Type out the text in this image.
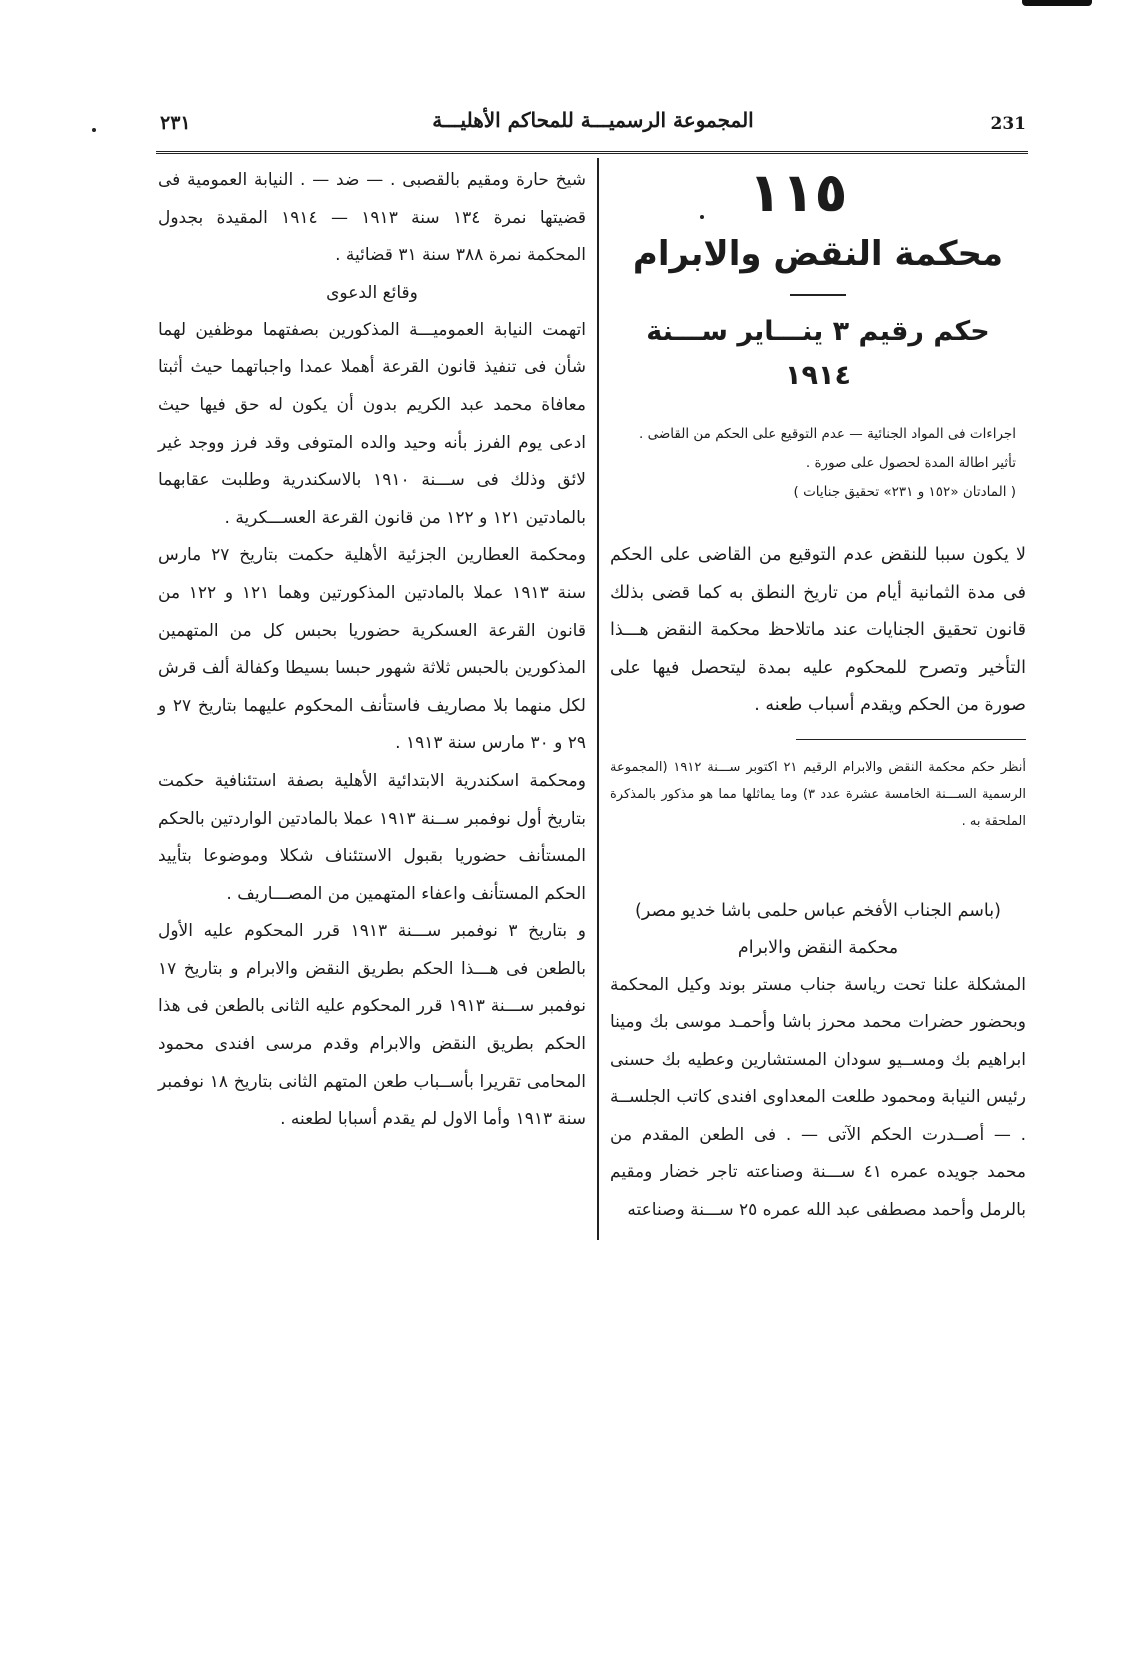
٢٣١	المجموعة الرسميـــة للمحاكم الأهليـــة	231
١١٥
محكمة النقض والابرام
حكم رقيم ٣ ينـــاير ســـنة ١٩١٤

اجراءات فى المواد الجنائية — عدم التوقيع على الحكم من القاضى .

تأثير اطالة المدة لحصول على صورة .

( المادتان «١٥٢ و ٢٣١» تحقيق جنايات )

لا يكون سببا للنقض عدم التوقيع من القاضى على الحكم فى مدة الثمانية أيام من تاريخ النطق به كما قضى بذلك قانون تحقيق الجنايات عند ماتلاحظ محكمة النقض هـــذا التأخير وتصرح للمحكوم عليه بمدة ليتحصل فيها على صورة من الحكم ويقدم أسباب طعنه .

أنظر حكم محكمة النقض والابرام الرقيم ٢١ اكتوبر ســـنة ١٩١٢ (المجموعة الرسمية الســـنة الخامسة عشرة عدد ٣) وما يماثلها مما هو مذكور بالمذكرة الملحقة به .

(باسم الجناب الأفخم عباس حلمى باشا خديو مصر)

محكمة النقض والابرام

المشكلة علنا تحت رياسة جناب مستر بوند وكيل المحكمة وبحضور حضرات محمد محرز باشا وأحمـد موسى بك ومينا ابراهيم بك ومســيو سودان المستشارين وعطيه بك حسنى رئيس النيابة ومحمود طلعت المعداوى افندى كاتب الجلســة . — أصــدرت الحكم الآتى — . فى الطعن المقدم من محمد جويده عمره ٤١ ســـنة وصناعته تاجر خضار ومقيم بالرمل وأحمد مصطفى عبد الله عمره ٢٥ ســـنة وصناعته

شيخ حارة ومقيم بالقصبى . — ضد — . النيابة العمومية فى قضيتها نمرة ١٣٤ سنة ١٩١٣ — ١٩١٤ المقيدة بجدول المحكمة نمرة ٣٨٨ سنة ٣١ قضائية .

وقائع الدعوى

اتهمت النيابة العموميـــة المذكورين بصفتهما موظفين لهما شأن فى تنفيذ قانون القرعة أهملا عمدا واجباتهما حيث أثبتا معافاة محمد عبد الكريم بدون أن يكون له حق فيها حيث ادعى يوم الفرز بأنه وحيد والده المتوفى وقد فرز ووجد غير لائق وذلك فى ســـنة ١٩١٠ بالاسكندرية وطلبت عقابهما بالمادتين ١٢١ و ١٢٢ من قانون القرعة العســـكرية .

ومحكمة العطارين الجزئية الأهلية حكمت بتاريخ ٢٧ مارس سنة ١٩١٣ عملا بالمادتين المذكورتين وهما ١٢١ و ١٢٢ من قانون القرعة العسكرية حضوريا بحبس كل من المتهمين المذكورين بالحبس ثلاثة شهور حبسا بسيطا وكفالة ألف قرش لكل منهما بلا مصاريف فاستأنف المحكوم عليهما بتاريخ ٢٧ و ٢٩ و ٣٠ مارس سنة ١٩١٣ .

ومحكمة اسكندرية الابتدائية الأهلية بصفة استئنافية حكمت بتاريخ أول نوفمبر ســنة ١٩١٣ عملا بالمادتين الواردتين بالحكم المستأنف حضوريا بقبول الاستئناف شكلا وموضوعا بتأييد الحكم المستأنف واعفاء المتهمين من المصـــاريف .

و بتاريخ ٣ نوفمبر ســـنة ١٩١٣ قرر المحكوم عليه الأول بالطعن فى هـــذا الحكم بطريق النقض والابرام و بتاريخ ١٧ نوفمبر ســـنة ١٩١٣ قرر المحكوم عليه الثانى بالطعن فى هذا الحكم بطريق النقض والابرام وقدم مرسى افندى محمود المحامى تقريرا بأســباب طعن المتهم الثانى بتاريخ ١٨ نوفمبر سنة ١٩١٣ وأما الاول لم يقدم أسبابا لطعنه .
